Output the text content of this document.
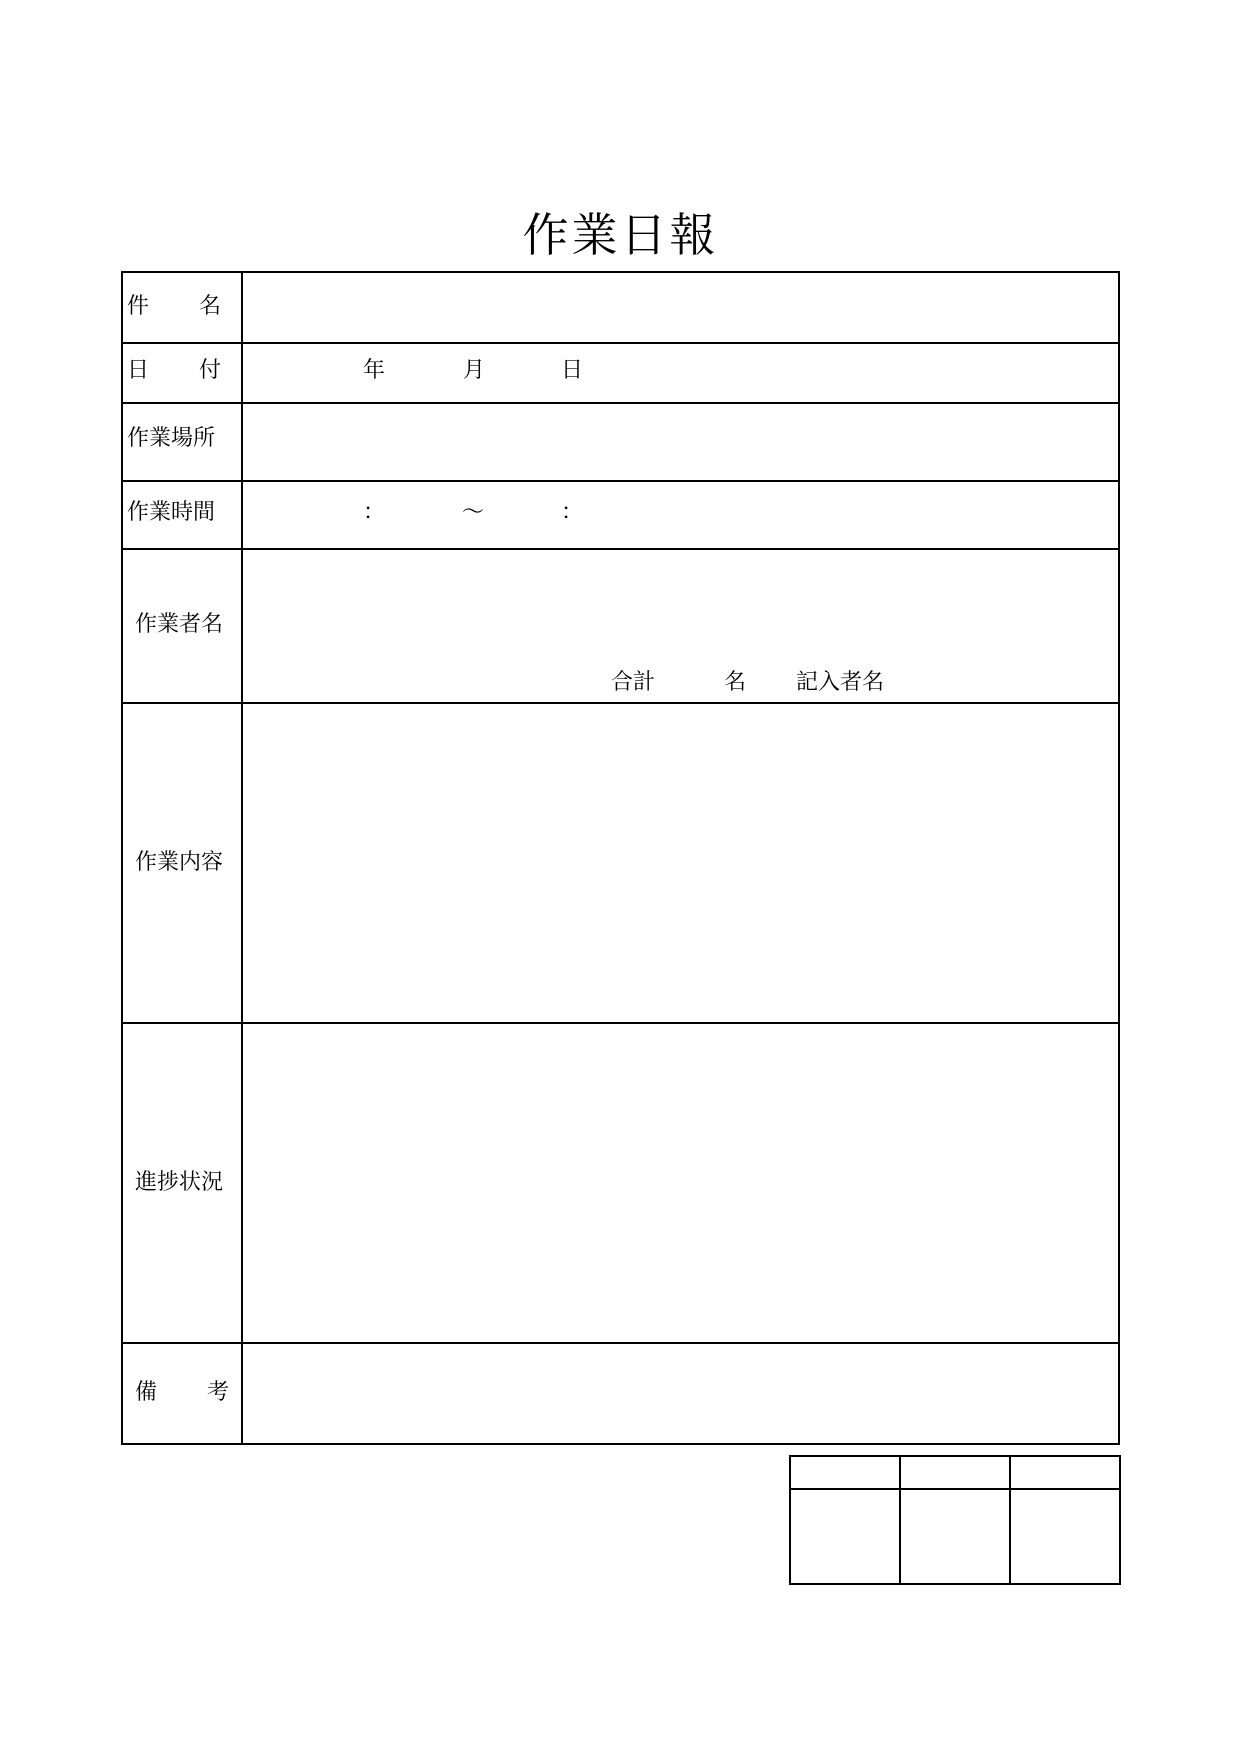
作業日報
件 名
日 付	年	月	日
作業場所
作業時間	：	～	：
作業者名
合計	名 記入者名
作業内容
進捗状況
備 考
